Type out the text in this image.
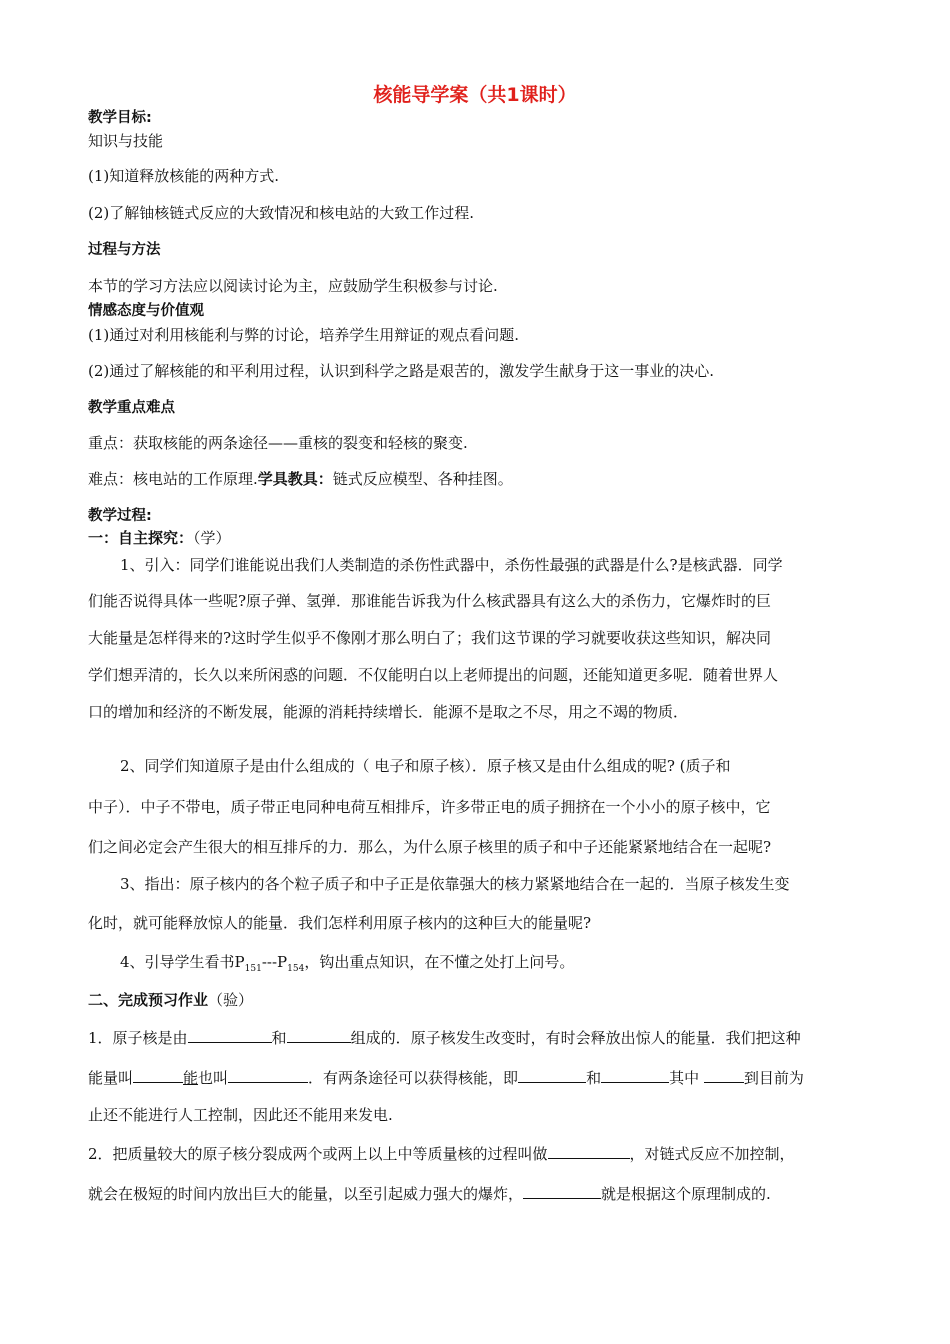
核能导学案（共1课时）
教学目标:
知识与技能
(1)知道释放核能的两种方式.
(2)了解铀核链式反应的大致情况和核电站的大致工作过程.
过程与方法
本节的学习方法应以阅读讨论为主，应鼓励学生积极参与讨论.
情感态度与价值观
(1)通过对利用核能利与弊的讨论，培养学生用辩证的观点看问题.
(2)通过了解核能的和平利用过程，认识到科学之路是艰苦的，激发学生献身于这一事业的决心.
教学重点难点
重点：获取核能的两条途径——重核的裂变和轻核的聚变.
难点：核电站的工作原理.学具教具：链式反应模型、各种挂图。
教学过程:
一：自主探究：（学）
1、引入：同学们谁能说出我们人类制造的杀伤性武器中，杀伤性最强的武器是什么?是核武器．同学
们能否说得具体一些呢?原子弹、氢弹．那谁能告诉我为什么核武器具有这么大的杀伤力，它爆炸时的巨
大能量是怎样得来的?这时学生似乎不像刚才那么明白了；我们这节课的学习就要收获这些知识，解决同
学们想弄清的，长久以来所闲惑的问题．不仅能明白以上老师提出的问题，还能知道更多呢．随着世界人
口的增加和经济的不断发展，能源的消耗持续增长．能源不是取之不尽，用之不竭的物质．
2、同学们知道原子是由什么组成的（ 电子和原子核）．原子核又是由什么组成的呢? (质子和
中子）．中子不带电，质子带正电同种电荷互相排斥，许多带正电的质子拥挤在一个小小的原子核中，它
们之间必定会产生很大的相互排斥的力．那么，为什么原子核里的质子和中子还能紧紧地结合在一起呢?
3、指出：原子核内的各个粒子质子和中子正是依靠强大的核力紧紧地结合在一起的．当原子核发生变
化时，就可能释放惊人的能量．我们怎样利用原子核内的这种巨大的能量呢?
4、引导学生看书$P_{151}---P_{154}$，钩出重点知识，在不懂之处打上问号。
二、完成预习作业（验）
1．原子核是由	和	组成的．原子核发生改变时，有时会释放出惊人的能量．我们把这种
能量叫	能也叫	．有两条途径可以获得核能，即	和	其中	到目前为
止还不能进行人工控制，因此还不能用来发电.
2．把质量较大的原子核分裂成两个或两上以上中等质量核的过程叫做	，对链式反应不加控制，
就会在极短的时间内放出巨大的能量，以至引起威力强大的爆炸，	就是根据这个原理制成的.
